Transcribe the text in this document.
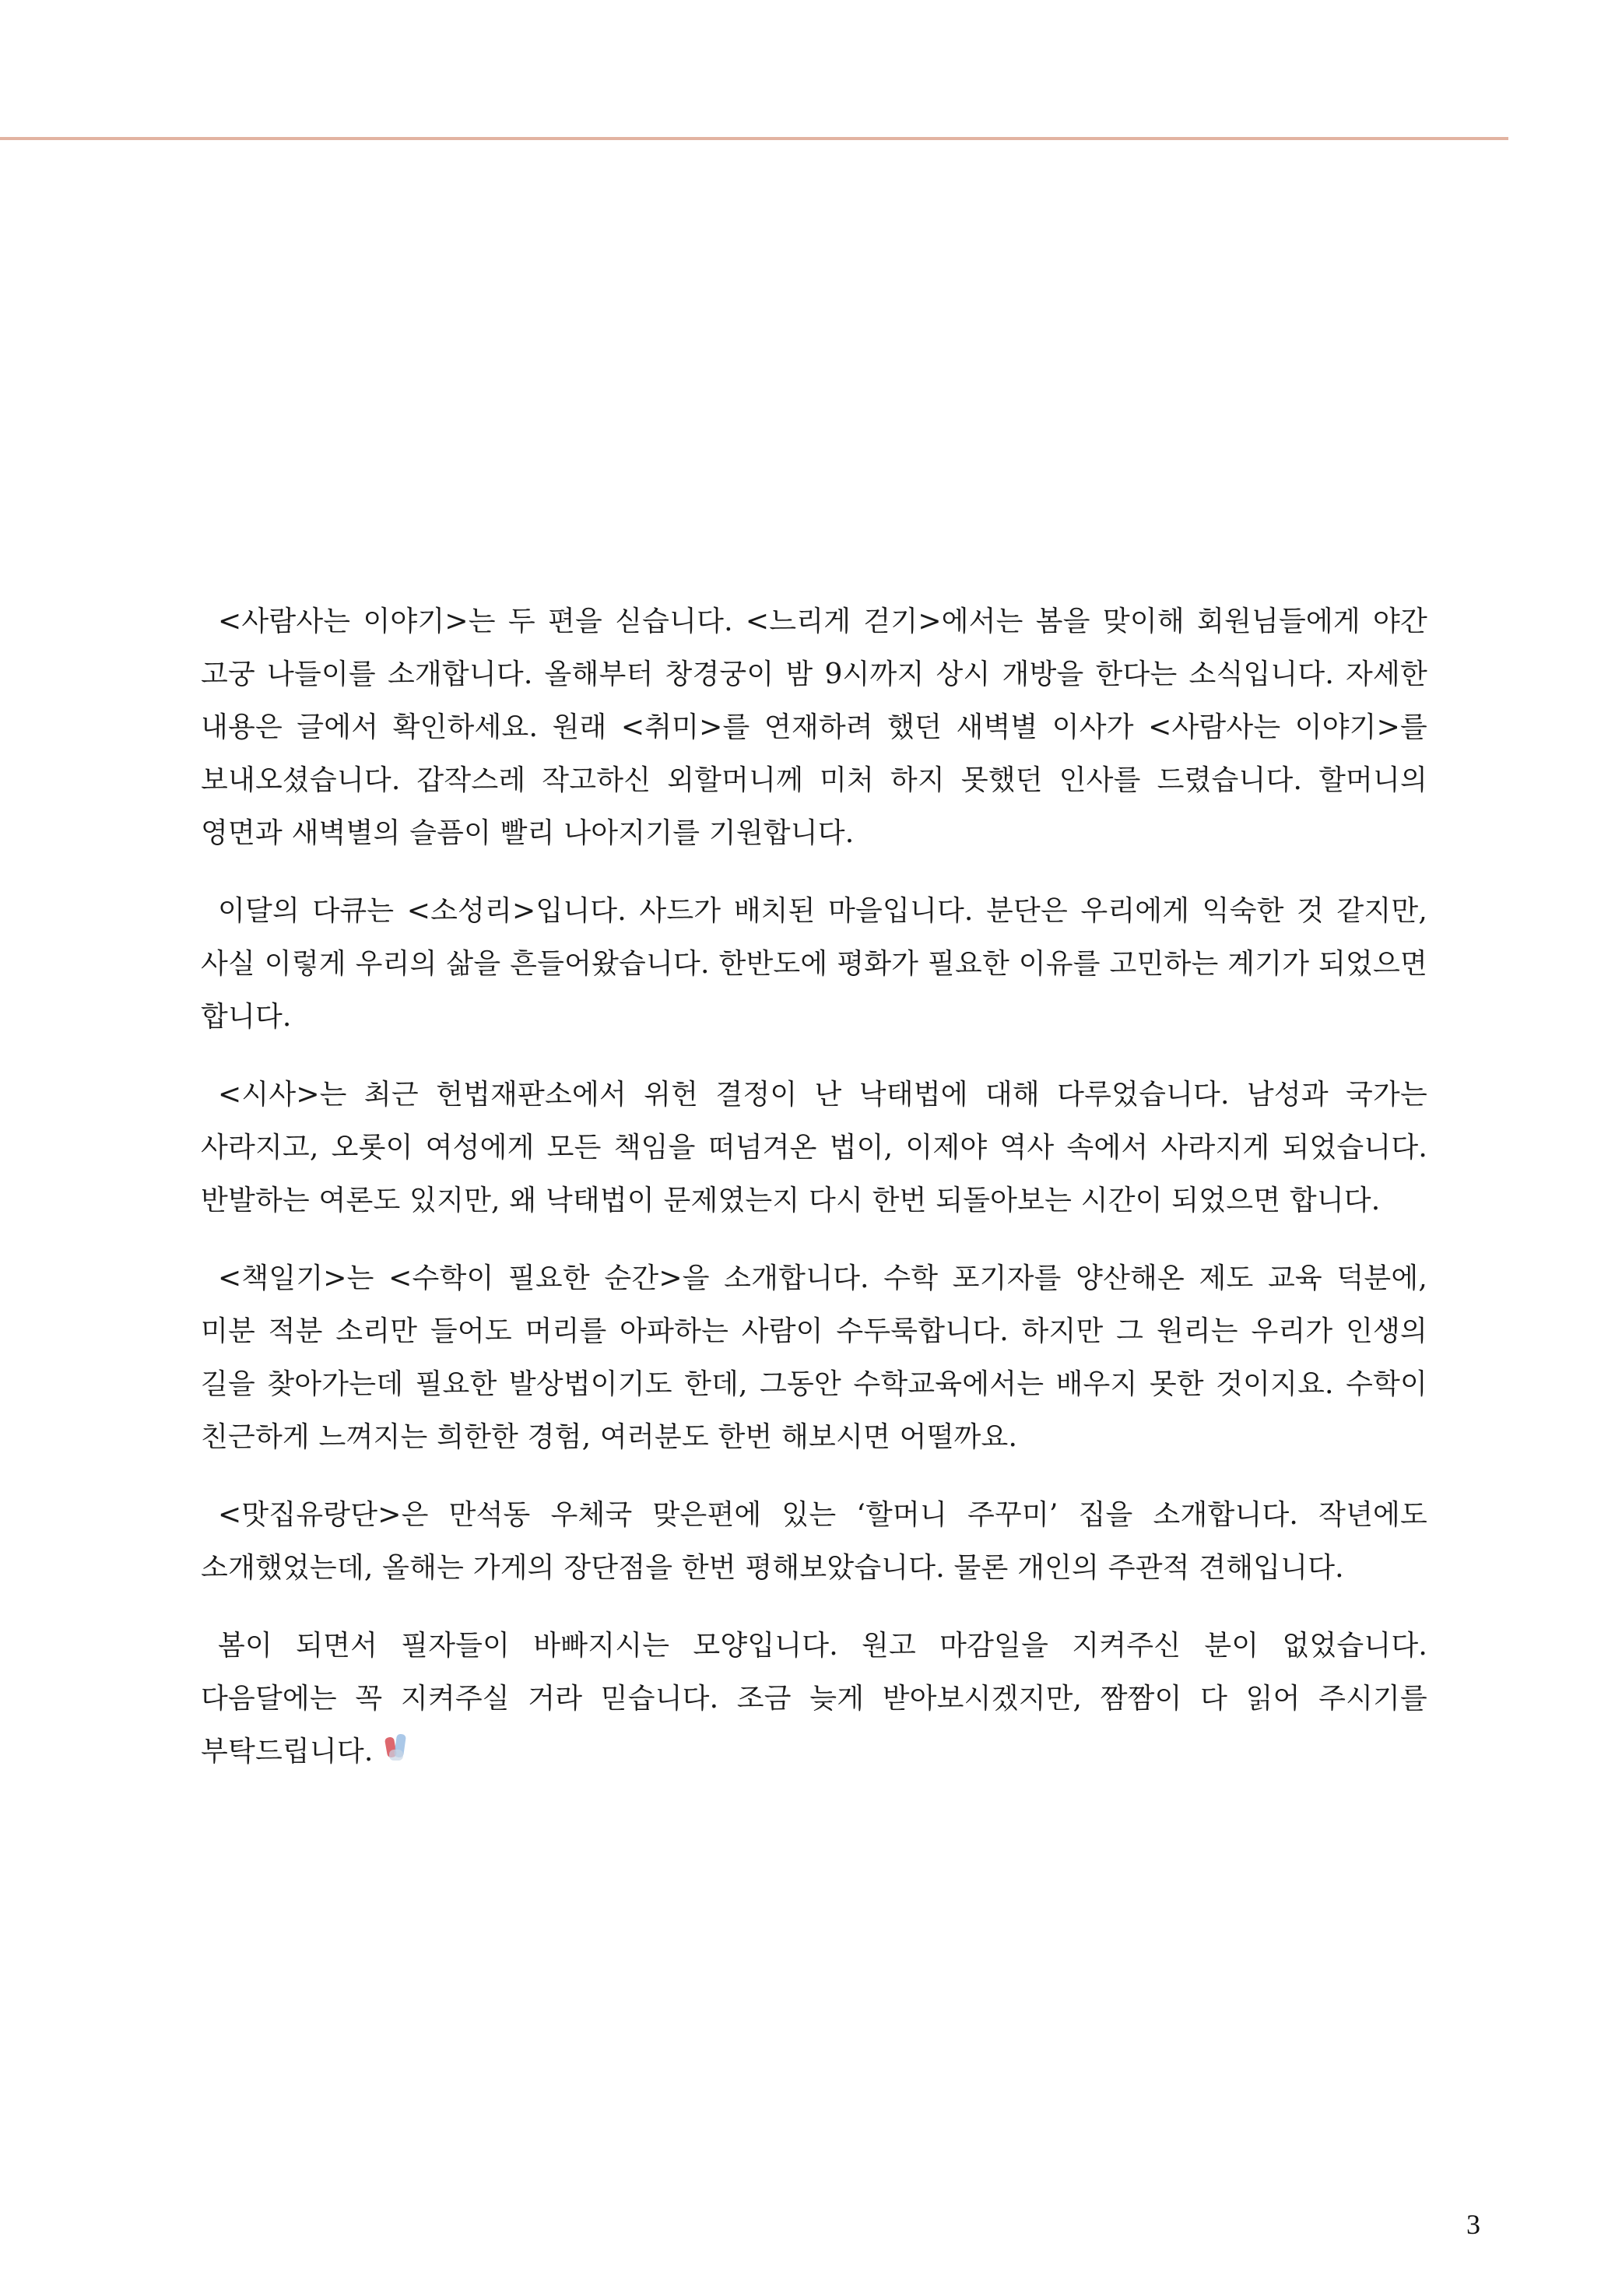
<사람사는 이야기>는 두 편을 싣습니다. <느리게 걷기>에서는 봄을 맞이해 회원님들에게 야간 고궁 나들이를 소개합니다. 올해부터 창경궁이 밤 9시까지 상시 개방을 한다는 소식입니다. 자세한 내용은 글에서 확인하세요. 원래 <취미>를 연재하려 했던 새벽별 이사가 <사람사는 이야기>를 보내오셨습니다. 갑작스레 작고하신 외할머니께 미처 하지 못했던 인사를 드렸습니다. 할머니의 영면과 새벽별의 슬픔이 빨리 나아지기를 기원합니다.

이달의 다큐는 <소성리>입니다. 사드가 배치된 마을입니다. 분단은 우리에게 익숙한 것 같지만, 사실 이렇게 우리의 삶을 흔들어왔습니다. 한반도에 평화가 필요한 이유를 고민하는 계기가 되었으면 합니다.

<시사>는 최근 헌법재판소에서 위헌 결정이 난 낙태법에 대해 다루었습니다. 남성과 국가는 사라지고, 오롯이 여성에게 모든 책임을 떠넘겨온 법이, 이제야 역사 속에서 사라지게 되었습니다. 반발하는 여론도 있지만, 왜 낙태법이 문제였는지 다시 한번 되돌아보는 시간이 되었으면 합니다.

<책일기>는 <수학이 필요한 순간>을 소개합니다. 수학 포기자를 양산해온 제도 교육 덕분에, 미분 적분 소리만 들어도 머리를 아파하는 사람이 수두룩합니다. 하지만 그 원리는 우리가 인생의 길을 찾아가는데 필요한 발상법이기도 한데, 그동안 수학교육에서는 배우지 못한 것이지요. 수학이 친근하게 느껴지는 희한한 경험, 여러분도 한번 해보시면 어떨까요.

<맛집유랑단>은 만석동 우체국 맞은편에 있는 ‘할머니 주꾸미’ 집을 소개합니다. 작년에도 소개했었는데, 올해는 가게의 장단점을 한번 평해보았습니다. 물론 개인의 주관적 견해입니다.

봄이 되면서 필자들이 바빠지시는 모양입니다. 원고 마감일을 지켜주신 분이 없었습니다. 다음달에는 꼭 지켜주실 거라 믿습니다. 조금 늦게 받아보시겠지만, 짬짬이 다 읽어 주시기를 부탁드립니다.

3
